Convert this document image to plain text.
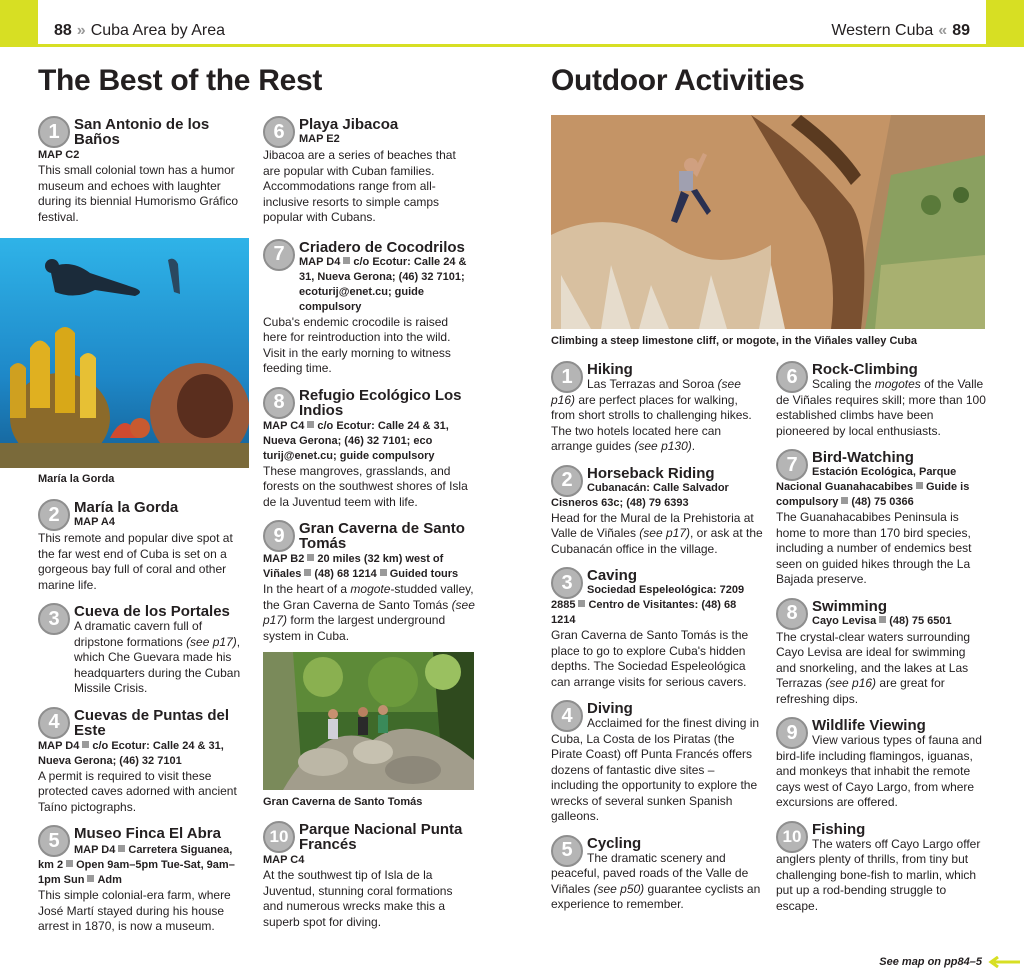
88 » Cuba Area by Area	Western Cuba « 89
The Best of the Rest	Outdoor Activities
1 San Antonio de los Baños
MAP C2
This small colonial town has a humor museum and echoes with laughter during its biennial Humorismo Gráfico festival.
María la Gorda
2 María la Gorda
MAP A4
This remote and popular dive spot at the far west end of Cuba is set on a gorgeous bay full of coral and other marine life.
3 Cueva de los Portales
A dramatic cavern full of dripstone formations (see p17), which Che Guevara made his headquarters during the Cuban Missile Crisis.
4 Cuevas de Puntas del Este
MAP D4 c/o Ecotur: Calle 24 & 31, Nueva Gerona; (46) 32 7101
A permit is required to visit these protected caves adorned with ancient Taíno pictographs.
5 Museo Finca El Abra
MAP D4 Carretera Siguanea, km 2 Open 9am–5pm Tue-Sat, 9am–1pm Sun Adm
This simple colonial-era farm, where José Martí stayed during his house arrest in 1870, is now a museum.
6 Playa Jibacoa
MAP E2
Jibacoa are a series of beaches that are popular with Cuban families. Accommodations range from all-inclusive resorts to simple camps popular with Cubans.
7 Criadero de Cocodrilos
MAP D4 c/o Ecotur: Calle 24 & 31, Nueva Gerona; (46) 32 7101; ecoturij@enet.cu; guide compulsory
Cuba's endemic crocodile is raised here for reintroduction into the wild. Visit in the early morning to witness feeding time.
8 Refugio Ecológico Los Indios
MAP C4 c/o Ecotur: Calle 24 & 31, Nueva Gerona; (46) 32 7101; eco turij@enet.cu; guide compulsory
These mangroves, grasslands, and forests on the southwest shores of Isla de la Juventud teem with life.
9 Gran Caverna de Santo Tomás
MAP B2 20 miles (32 km) west of Viñales (48) 68 1214 Guided tours
In the heart of a mogote-studded valley, the Gran Caverna de Santo Tomás (see p17) form the largest underground system in Cuba.
Gran Caverna de Santo Tomás
10 Parque Nacional Punta Francés
MAP C4
At the southwest tip of Isla de la Juventud, stunning coral formations and numerous wrecks make this a superb spot for diving.
Climbing a steep limestone cliff, or mogote, in the Viñales valley Cuba
1 Hiking
Las Terrazas and Soroa (see p16) are perfect places for walking, from short strolls to challenging hikes. The two hotels located here can arrange guides (see p130).
2 Horseback Riding
Cubanacán: Calle Salvador Cisneros 63c; (48) 79 6393
Head for the Mural de la Prehistoria at Valle de Viñales (see p17), or ask at the Cubanacán office in the village.
3 Caving
Sociedad Espeleológica: 7209 2885 Centro de Visitantes: (48) 68 1214
Gran Caverna de Santo Tomás is the place to go to explore Cuba's hidden depths. The Sociedad Espeleológica can arrange visits for serious cavers.
4 Diving
Acclaimed for the finest diving in Cuba, La Costa de los Piratas (the Pirate Coast) off Punta Francés offers dozens of fantastic dive sites – including the opportunity to explore the wrecks of several sunken Spanish galleons.
5 Cycling
The dramatic scenery and peaceful, paved roads of the Valle de Viñales (see p50) guarantee cyclists an experience to remember.
6 Rock-Climbing
Scaling the mogotes of the Valle de Viñales requires skill; more than 100 established climbs have been pioneered by local enthusiasts.
7 Bird-Watching
Estación Ecológica, Parque Nacional Guanahacabibes Guide is compulsory (48) 75 0366
The Guanahacabibes Peninsula is home to more than 170 bird species, including a number of endemics best seen on guided hikes through the La Bajada preserve.
8 Swimming
Cayo Levisa (48) 75 6501
The crystal-clear waters surrounding Cayo Levisa are ideal for swimming and snorkeling, and the lakes at Las Terrazas (see p16) are great for refreshing dips.
9 Wildlife Viewing
View various types of fauna and bird-life including flamingos, iguanas, and monkeys that inhabit the remote cays west of Cayo Largo, from where excursions are offered.
10 Fishing
The waters off Cayo Largo offer anglers plenty of thrills, from tiny but challenging bone-fish to marlin, which put up a rod-bending struggle to escape.
See map on pp84–5
